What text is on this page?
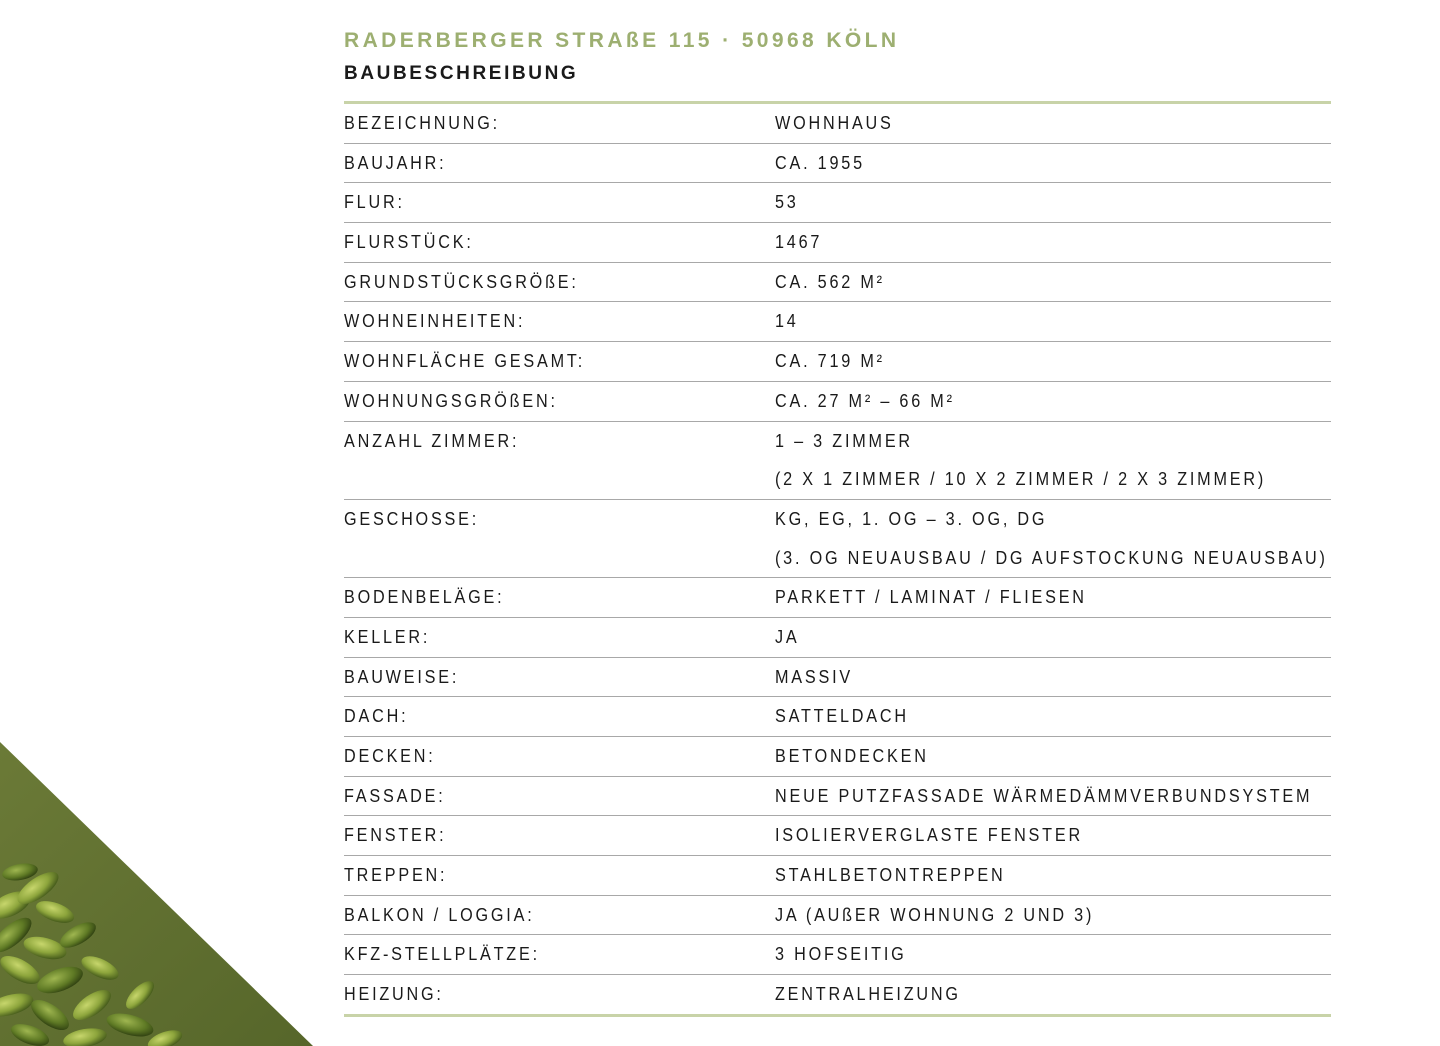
RADERBERGER STRAßE 115 · 50968 KÖLN
BAUBESCHREIBUNG
BEZEICHNUNG:	WOHNHAUS
BAUJAHR:	CA. 1955
FLUR:	53
FLURSTÜCK:	1467
GRUNDSTÜCKSGRÖßE:	CA. 562 M²
WOHNEINHEITEN:	14
WOHNFLÄCHE GESAMT:	CA. 719 M²
WOHNUNGSGRÖßEN:	CA. 27 M² – 66 M²
ANZAHL ZIMMER:	1 – 3 ZIMMER
(2 X 1 ZIMMER / 10 X 2 ZIMMER / 2 X 3 ZIMMER)
GESCHOSSE:	KG, EG, 1. OG – 3. OG, DG
(3. OG NEUAUSBAU / DG AUFSTOCKUNG NEUAUSBAU)
BODENBELÄGE:	PARKETT / LAMINAT / FLIESEN
KELLER:	JA
BAUWEISE:	MASSIV
DACH:	SATTELDACH
DECKEN:	BETONDECKEN
FASSADE:	NEUE PUTZFASSADE WÄRMEDÄMMVERBUNDSYSTEM
FENSTER:	ISOLIERVERGLASTE FENSTER
TREPPEN:	STAHLBETONTREPPEN
BALKON / LOGGIA:	JA (AUßER WOHNUNG 2 UND 3)
KFZ-STELLPLÄTZE:	3 HOFSEITIG
HEIZUNG:	ZENTRALHEIZUNG
